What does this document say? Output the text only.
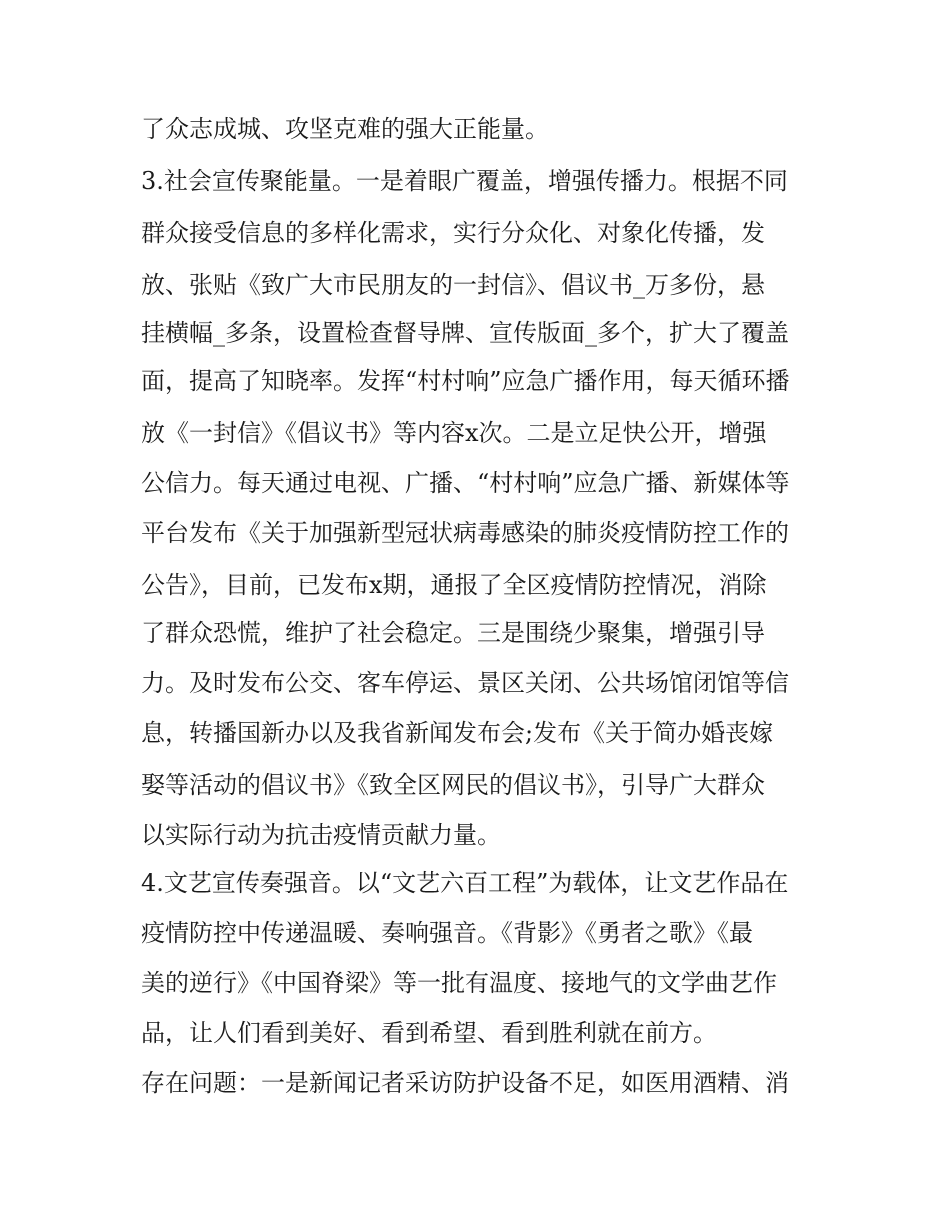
了众志成城、攻坚克难的强大正能量。
3.社会宣传聚能量。一是着眼广覆盖，增强传播力。根据不同
群众接受信息的多样化需求，实行分众化、对象化传播，发
放、张贴《致广大市民朋友的一封信》、倡议书_万多份，悬
挂横幅_多条，设置检查督导牌、宣传版面_多个，扩大了覆盖
面，提高了知晓率。发挥“村村响”应急广播作用，每天循环播
放《一封信》《倡议书》等内容x次。二是立足快公开，增强
公信力。每天通过电视、广播、“村村响”应急广播、新媒体等
平台发布《关于加强新型冠状病毒感染的肺炎疫情防控工作的
公告》，目前，已发布x期，通报了全区疫情防控情况，消除
了群众恐慌，维护了社会稳定。三是围绕少聚集，增强引导
力。及时发布公交、客车停运、景区关闭、公共场馆闭馆等信
息，转播国新办以及我省新闻发布会;发布《关于简办婚丧嫁
娶等活动的倡议书》《致全区网民的倡议书》，引导广大群众
以实际行动为抗击疫情贡献力量。
4.文艺宣传奏强音。以“文艺六百工程”为载体，让文艺作品在
疫情防控中传递温暖、奏响强音。《背影》《勇者之歌》《最
美的逆行》《中国脊梁》等一批有温度、接地气的文学曲艺作
品，让人们看到美好、看到希望、看到胜利就在前方。
存在问题：一是新闻记者采访防护设备不足，如医用酒精、消
